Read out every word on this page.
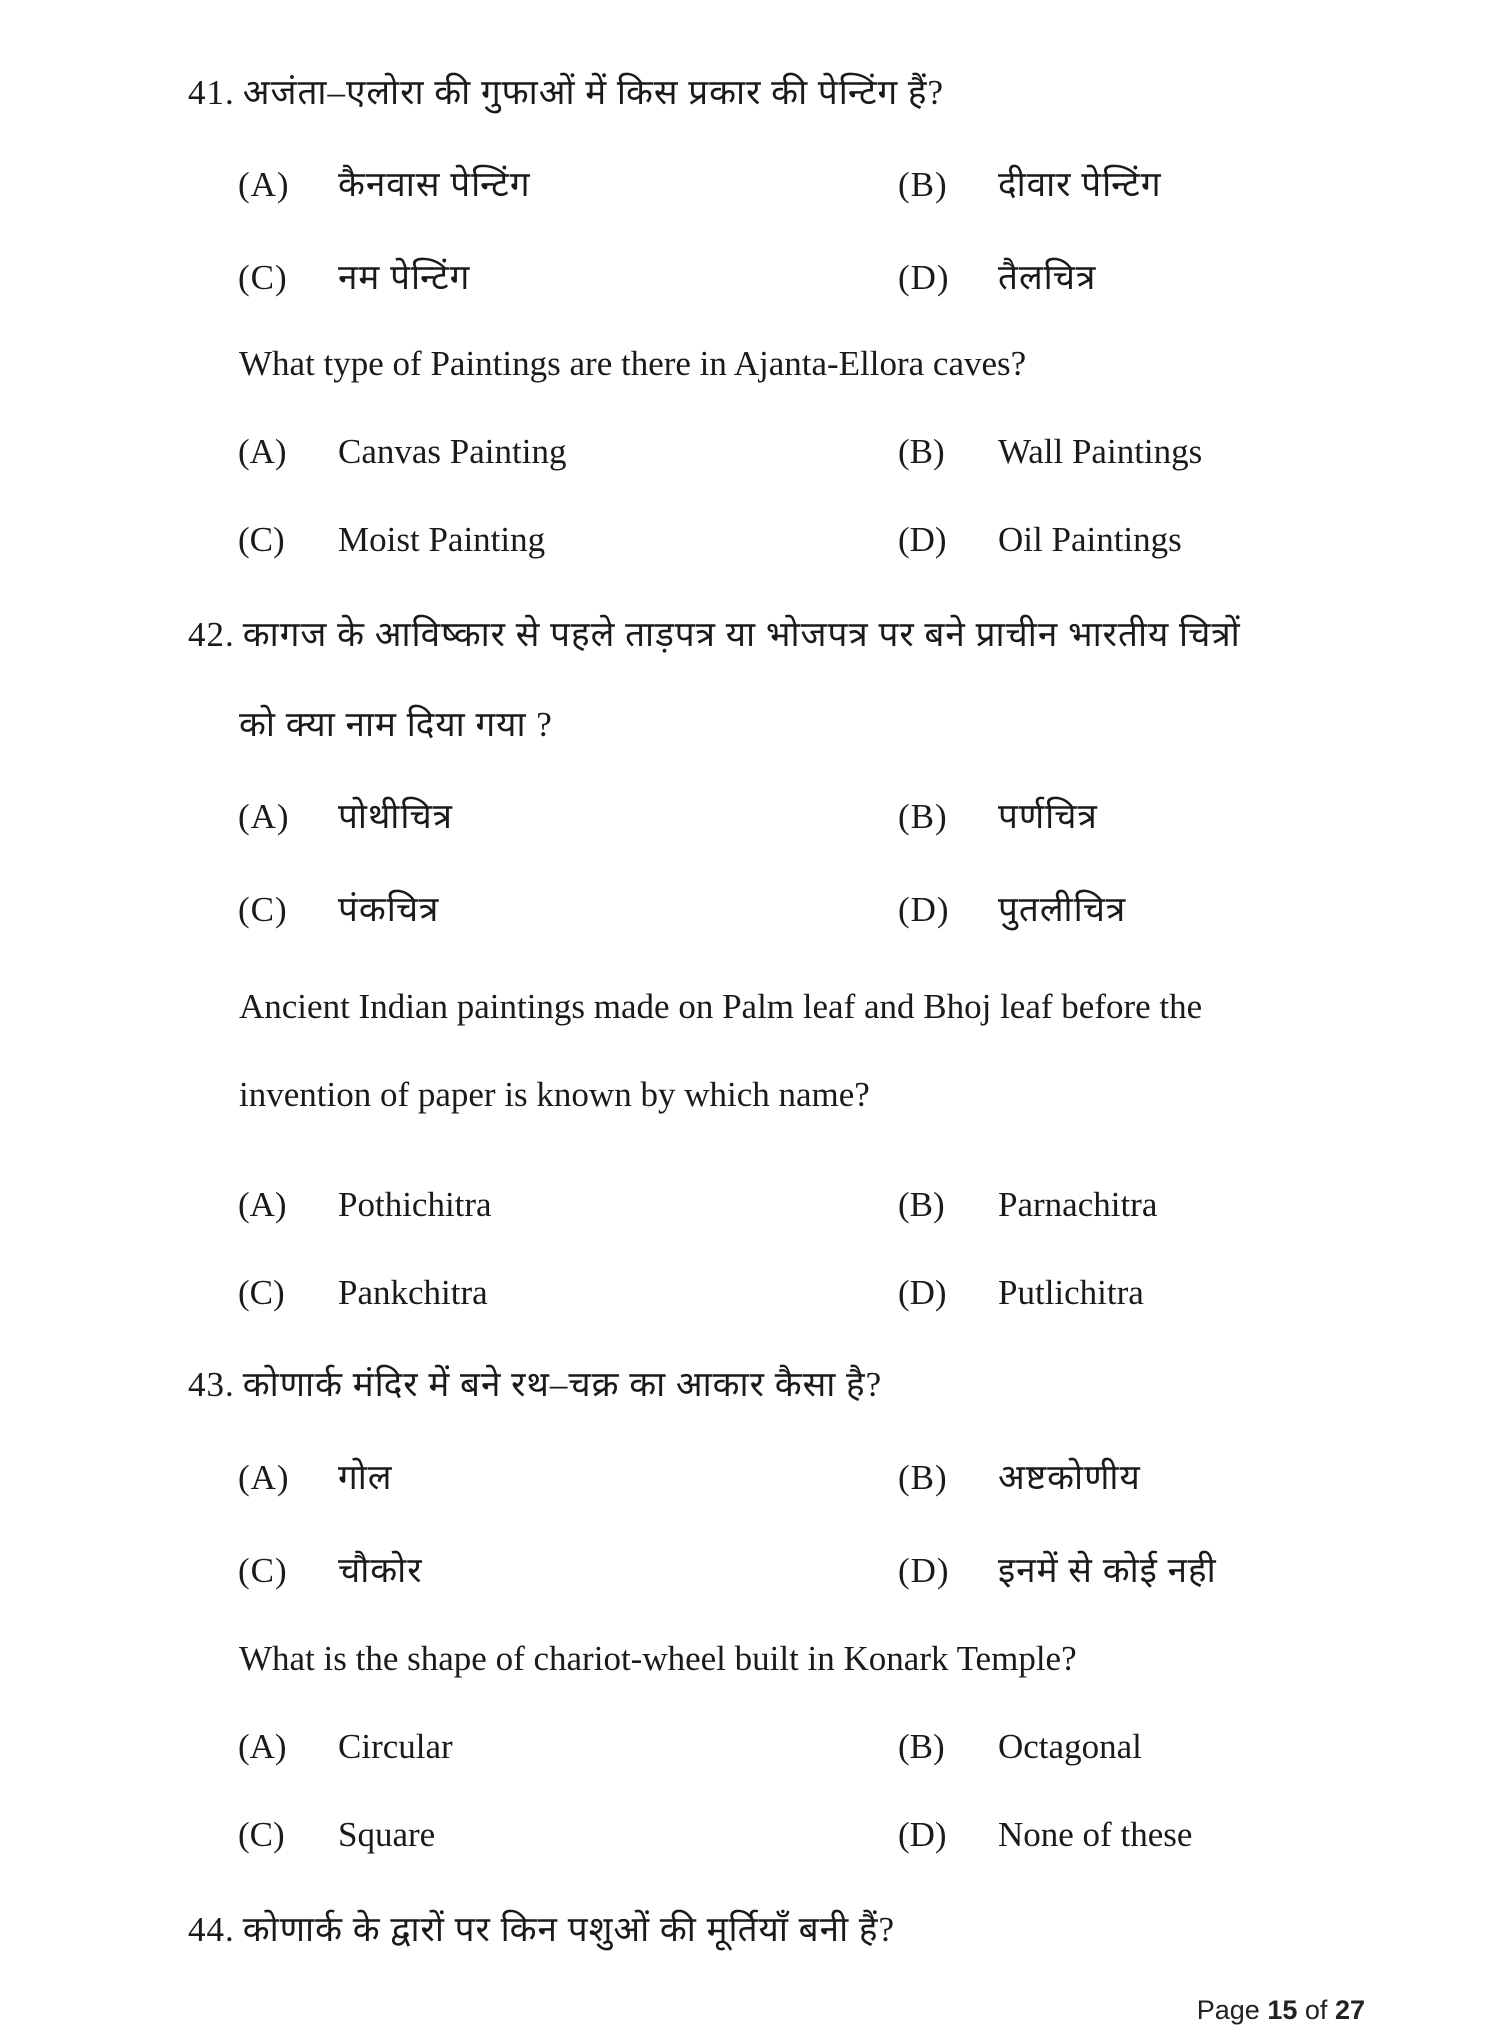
41. अजंता–एलोरा की गुफाओं में किस प्रकार की पेन्टिंग हैं?
(A) कैनवास पेन्टिंग	(B) दीवार पेन्टिंग
(C) नम पेन्टिंग	(D) तैलचित्र
What type of Paintings are there in Ajanta-Ellora caves?
(A) Canvas Painting	(B) Wall Paintings
(C) Moist Painting	(D) Oil Paintings
42. कागज के आविष्कार से पहले ताड़पत्र या भोजपत्र पर बने प्राचीन भारतीय चित्रों
को क्या नाम दिया गया ?
(A) पोथीचित्र	(B) पर्णचित्र
(C) पंकचित्र	(D) पुतलीचित्र
Ancient Indian paintings made on Palm leaf and Bhoj leaf before the
invention of paper is known by which name?
(A) Pothichitra	(B) Parnachitra
(C) Pankchitra	(D) Putlichitra
43. कोणार्क मंदिर में बने रथ–चक्र का आकार कैसा है?
(A) गोल	(B) अष्टकोणीय
(C) चौकोर	(D) इनमें से कोई नही
What is the shape of chariot-wheel built in Konark Temple?
(A) Circular	(B) Octagonal
(C) Square	(D) None of these
44. कोणार्क के द्वारों पर किन पशुओं की मूर्तियाँ बनी हैं?
Page 15 of 27
